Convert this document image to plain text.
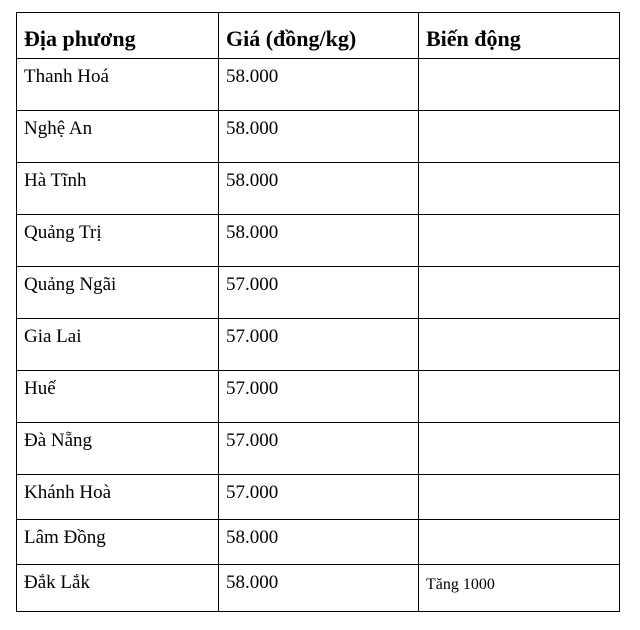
Địa phương	Giá (đồng/kg)	Biến động
Thanh Hoá	58.000	
Nghệ An	58.000	
Hà Tĩnh	58.000	
Quảng Trị	58.000	
Quảng Ngãi	57.000	
Gia Lai	57.000	
Huế	57.000	
Đà Nẵng	57.000	
Khánh Hoà	57.000	
Lâm Đồng	58.000	
Đắk Lắk	58.000	Tăng 1000
